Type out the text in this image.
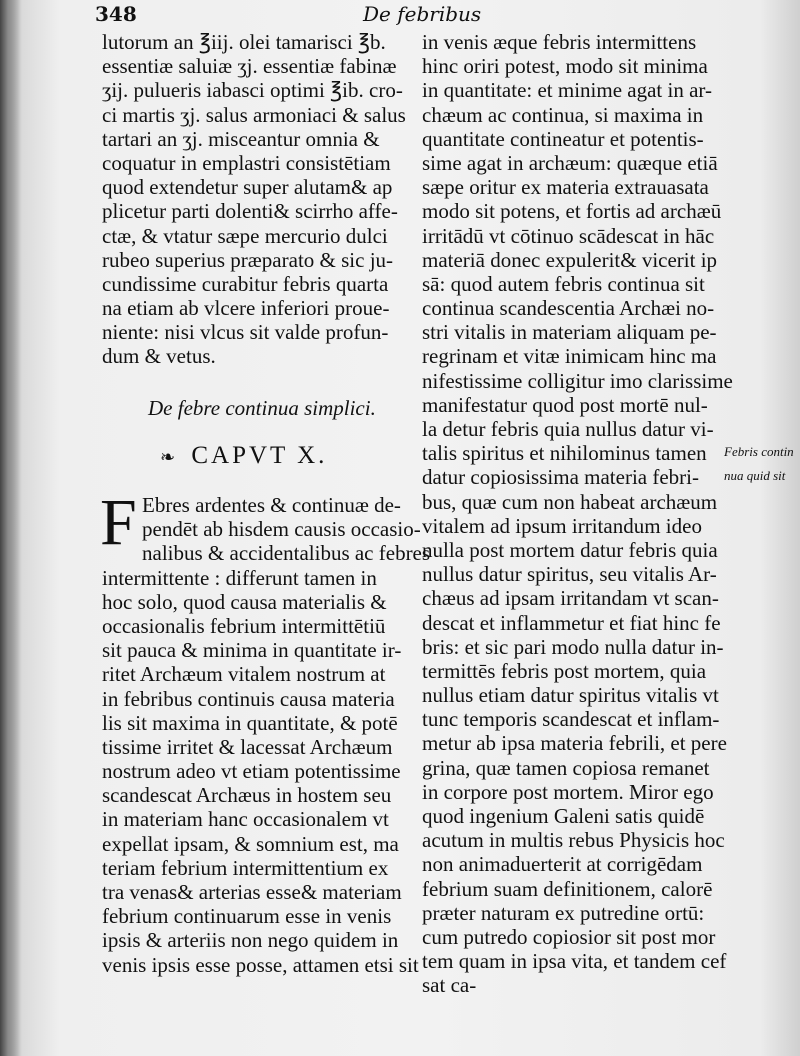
348	De febribus
lutorum an ℥iij. olei tamarisci ℥b.
essentiæ saluiæ ʒj. essentiæ fabinæ
ʒij. pulueris iabasci optimi ℥ib. cro-
ci martis ʒj. salus armoniaci & salus
tartari an ʒj. misceantur omnia &
coquatur in emplastri consistētiam
quod extendetur super alutam& ap
plicetur parti dolenti& scirrho affe-
ctæ, & vtatur sæpe mercurio dulci
rubeo superius præparato & sic ju-
cundissime curabitur febris quarta
na etiam ab vlcere inferiori proue-
niente: nisi vlcus sit valde profun-
dum & vetus.
De febre continua simplici.
❧ CAPVT X.
F Ebres ardentes & continuæ de-
pendēt ab hisdem causis occasio-
nalibus & accidentalibus ac febres
intermittente : differunt tamen in
hoc solo, quod causa materialis &
occasionalis febrium intermittētiū
sit pauca & minima in quantitate ir-
ritet Archæum vitalem nostrum at
in febribus continuis causa materia
lis sit maxima in quantitate, & potē
tissime irritet & lacessat Archæum
nostrum adeo vt etiam potentissime
scandescat Archæus in hostem seu
in materiam hanc occasionalem vt
expellat ipsam, & somnium est, ma
teriam febrium intermittentium ex
tra venas& arterias esse& materiam
febrium continuarum esse in venis
ipsis & arteriis non nego quidem in
venis ipsis esse posse, attamen etsi sit
in venis æque febris intermittens
hinc oriri potest, modo sit minima
in quantitate: et minime agat in ar-
chæum ac continua, si maxima in
quantitate contineatur et potentis-
sime agat in archæum: quæque etiā
sæpe oritur ex materia extrauasata
modo sit potens, et fortis ad archæū
irritādū vt cōtinuo scādescat in hāc
materiā donec expulerit& vicerit ip
sā: quod autem febris continua sit
continua scandescentia Archæi no-
stri vitalis in materiam aliquam pe-
regrinam et vitæ inimicam hinc ma
nifestissime colligitur imo clarissime
manifestatur quod post mortē nul-
la detur febris quia nullus datur vi-
talis spiritus et nihilominus tamen
datur copiosissima materia febri-
bus, quæ cum non habeat archæum
vitalem ad ipsum irritandum ideo
nulla post mortem datur febris quia
nullus datur spiritus, seu vitalis Ar-
chæus ad ipsam irritandam vt scan-
descat et inflammetur et fiat hinc fe
bris: et sic pari modo nulla datur in-
termittēs febris post mortem, quia
nullus etiam datur spiritus vitalis vt
tunc temporis scandescat et inflam-
metur ab ipsa materia febrili, et pere
grina, quæ tamen copiosa remanet
in corpore post mortem. Miror ego
quod ingenium Galeni satis quidē
acutum in multis rebus Physicis hoc
non animaduerterit at corrigēdam
febrium suam definitionem, calorē
præter naturam ex putredine ortū:
cum putredo copiosior sit post mor
tem quam in ipsa vita, et tandem cef
sat ca-
Febris contin
nua quid sit
